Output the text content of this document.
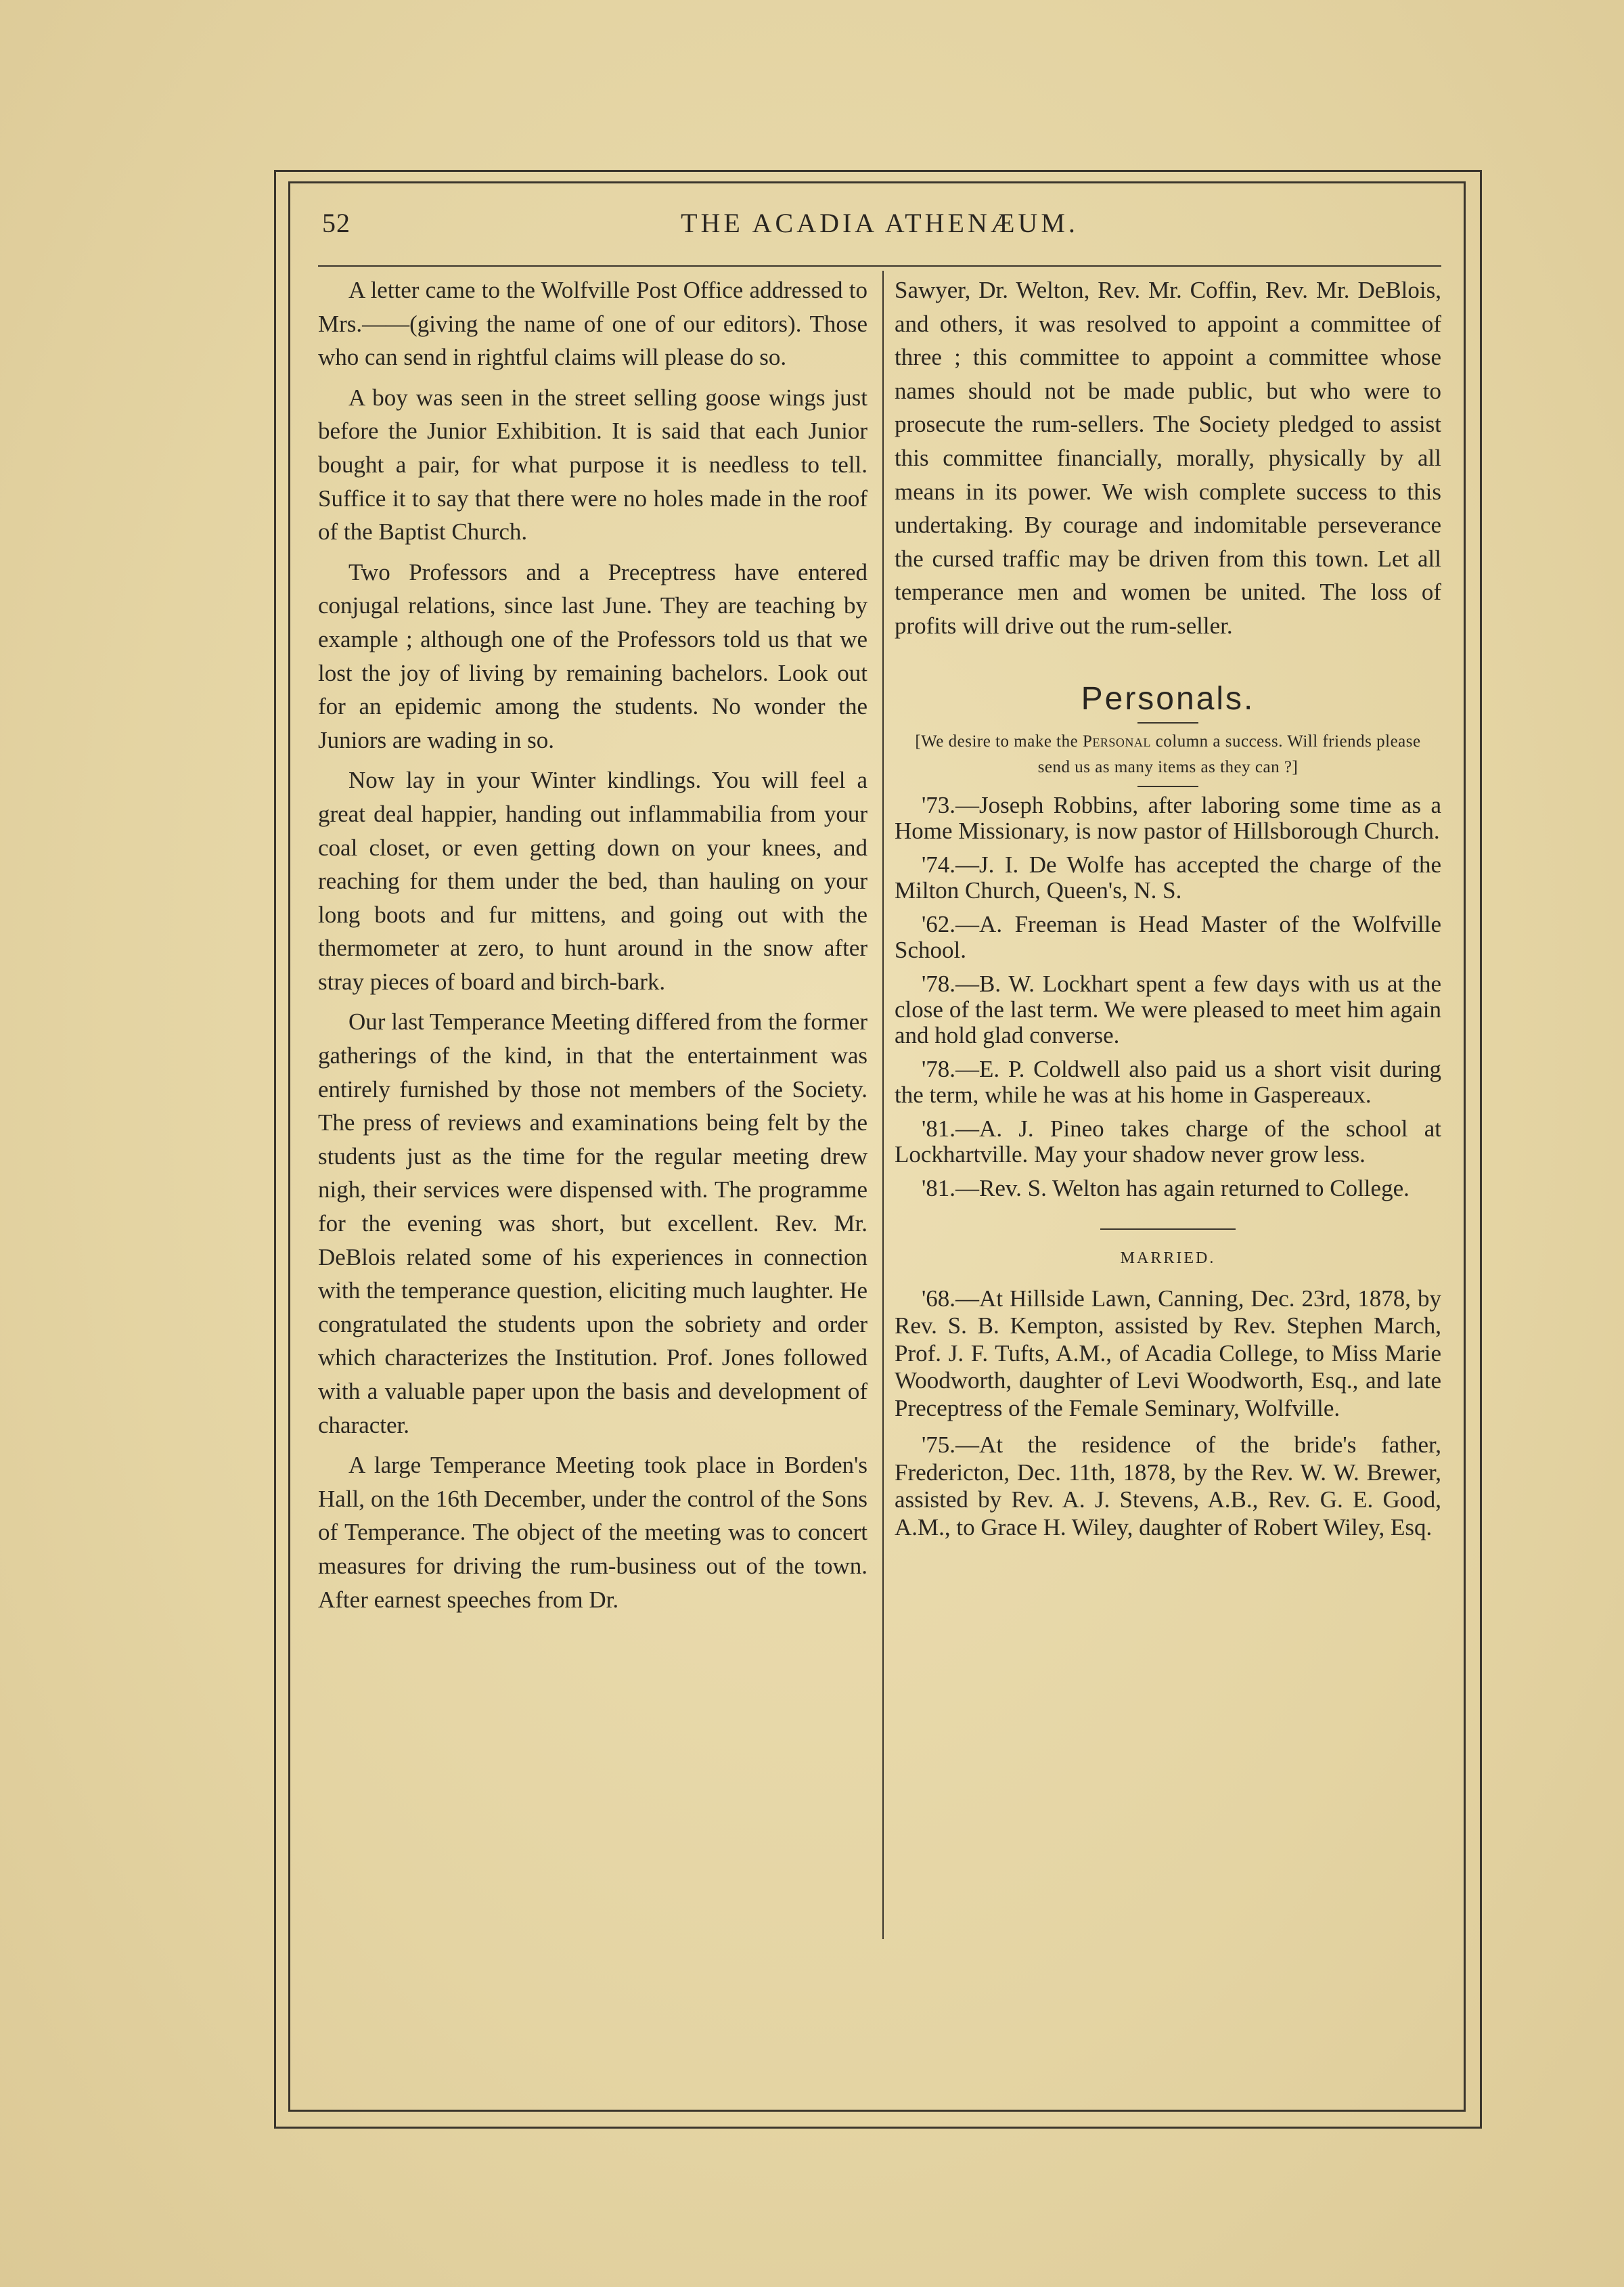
52	THE ACADIA ATHENÆUM.

A letter came to the Wolfville Post Office addressed to Mrs.——(giving the name of one of our editors). Those who can send in rightful claims will please do so.

A boy was seen in the street selling goose wings just before the Junior Exhibition. It is said that each Junior bought a pair, for what purpose it is needless to tell. Suffice it to say that there were no holes made in the roof of the Baptist Church.

Two Professors and a Preceptress have entered conjugal relations, since last June. They are teaching by example ; although one of the Professors told us that we lost the joy of living by remaining bachelors. Look out for an epidemic among the students. No wonder the Juniors are wading in so.

Now lay in your Winter kindlings. You will feel a great deal happier, handing out inflammabilia from your coal closet, or even getting down on your knees, and reaching for them under the bed, than hauling on your long boots and fur mittens, and going out with the thermometer at zero, to hunt around in the snow after stray pieces of board and birch-bark.

Our last Temperance Meeting differed from the former gatherings of the kind, in that the entertainment was entirely furnished by those not members of the Society. The press of reviews and examinations being felt by the students just as the time for the regular meeting drew nigh, their services were dispensed with. The programme for the evening was short, but excellent. Rev. Mr. DeBlois related some of his experiences in connection with the temperance question, eliciting much laughter. He congratulated the students upon the sobriety and order which characterizes the Institution. Prof. Jones followed with a valuable paper upon the basis and development of character.

A large Temperance Meeting took place in Borden's Hall, on the 16th December, under the control of the Sons of Temperance. The object of the meeting was to concert measures for driving the rum-business out of the town. After earnest speeches from Dr.

Sawyer, Dr. Welton, Rev. Mr. Coffin, Rev. Mr. DeBlois, and others, it was resolved to appoint a committee of three ; this committee to appoint a committee whose names should not be made public, but who were to prosecute the rum-sellers. The Society pledged to assist this committee financially, morally, physically by all means in its power. We wish complete success to this undertaking. By courage and indomitable perseverance the cursed traffic may be driven from this town. Let all temperance men and women be united. The loss of profits will drive out the rum-seller.

Personals.

[We desire to make the Personal column a success. Will friends please send us as many items as they can ?]

'73.—Joseph Robbins, after laboring some time as a Home Missionary, is now pastor of Hillsborough Church.

'74.—J. I. De Wolfe has accepted the charge of the Milton Church, Queen's, N. S.

'62.—A. Freeman is Head Master of the Wolfville School.

'78.—B. W. Lockhart spent a few days with us at the close of the last term. We were pleased to meet him again and hold glad converse.

'78.—E. P. Coldwell also paid us a short visit during the term, while he was at his home in Gaspereaux.

'81.—A. J. Pineo takes charge of the school at Lockhartville. May your shadow never grow less.

'81.—Rev. S. Welton has again returned to College.

MARRIED.

'68.—At Hillside Lawn, Canning, Dec. 23rd, 1878, by Rev. S. B. Kempton, assisted by Rev. Stephen March, Prof. J. F. Tufts, A.M., of Acadia College, to Miss Marie Woodworth, daughter of Levi Woodworth, Esq., and late Preceptress of the Female Seminary, Wolfville.

'75.—At the residence of the bride's father, Fredericton, Dec. 11th, 1878, by the Rev. W. W. Brewer, assisted by Rev. A. J. Stevens, A.B., Rev. G. E. Good, A.M., to Grace H. Wiley, daughter of Robert Wiley, Esq.
